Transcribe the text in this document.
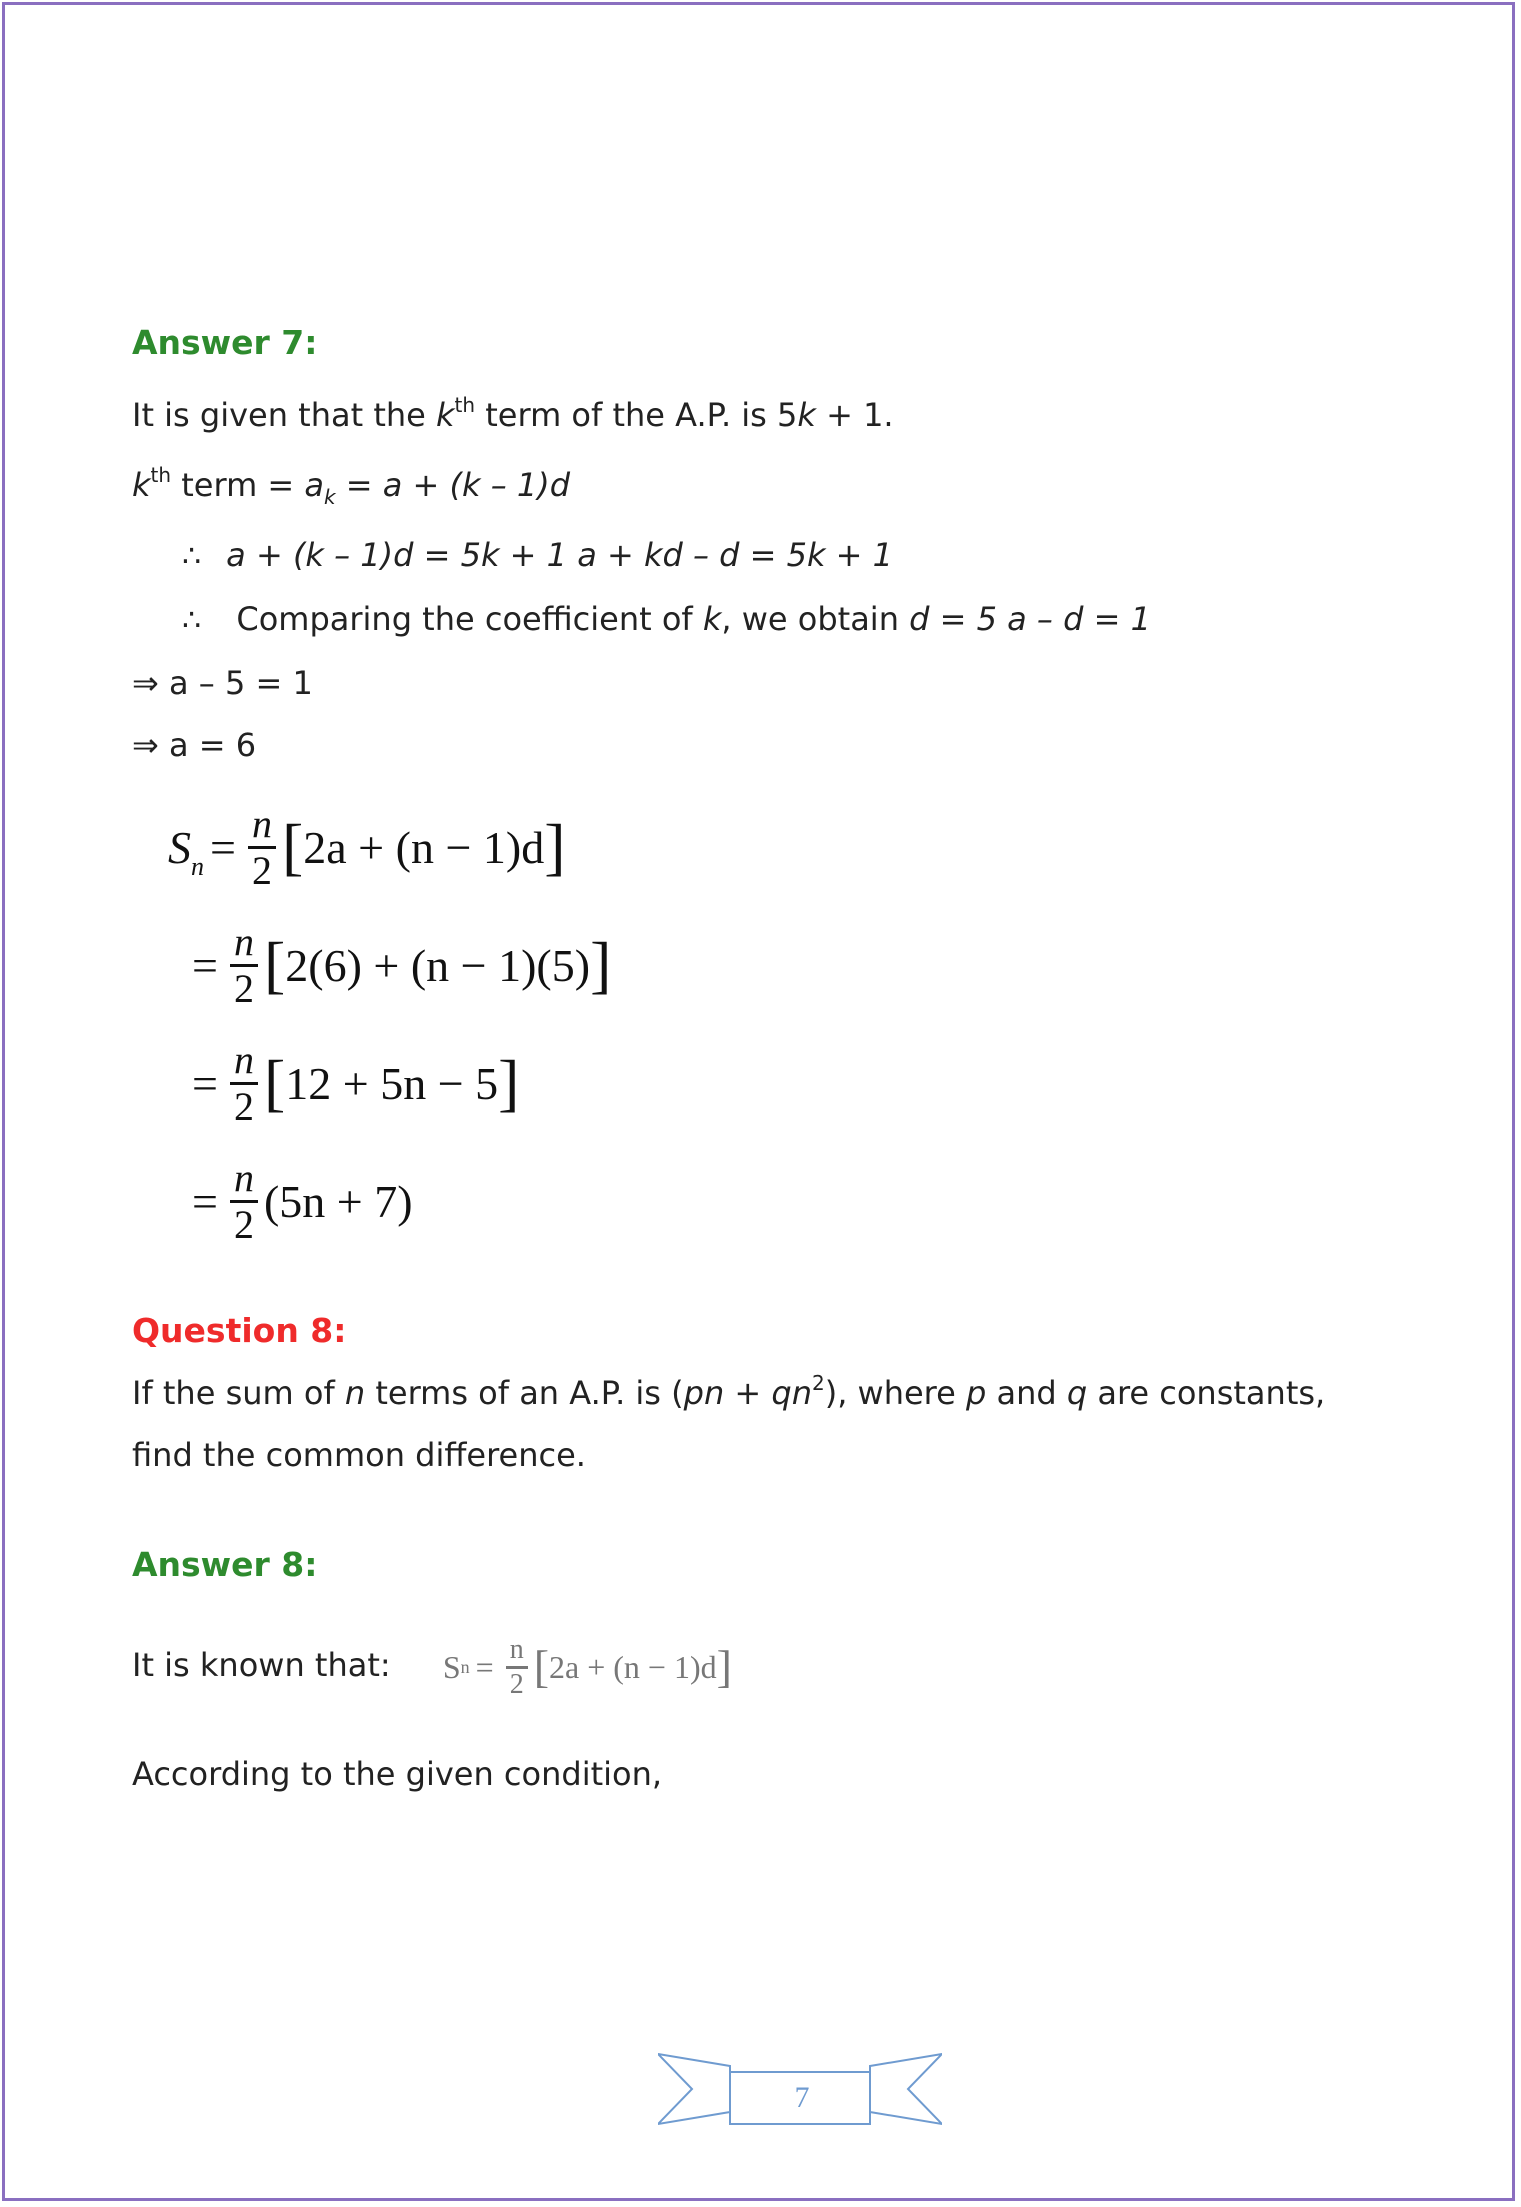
Answer 7:
It is given that the $k^{th}$ term of the A.P. is 5k + 1.
$k^{th}$ term = $a_k = a + (k - 1)d$
∴ a + (k – 1)d = 5k + 1 a + kd – d = 5k + 1
∴ Comparing the coefficient of k, we obtain d = 5 a – d = 1
⇒ a – 5 = 1
⇒ a = 6
$S_n = \frac{n}{2}$ [ 2a + (n − 1)d ]
= $\frac{n}{2}$ [ 2(6) + (n − 1)(5) ]
= $\frac{n}{2}$ [ 12 + 5n − 5 ]
= $\frac{n}{2} (5n + 7)$
Question 8:
If the sum of n terms of an A.P. is $(pn + qn^2)$, where p and q are constants,
find the common difference.
Answer 8:
It is known that: S $n = \frac{n}{2}$ [ 2a + (n − 1)d ]
According to the given condition,
7
